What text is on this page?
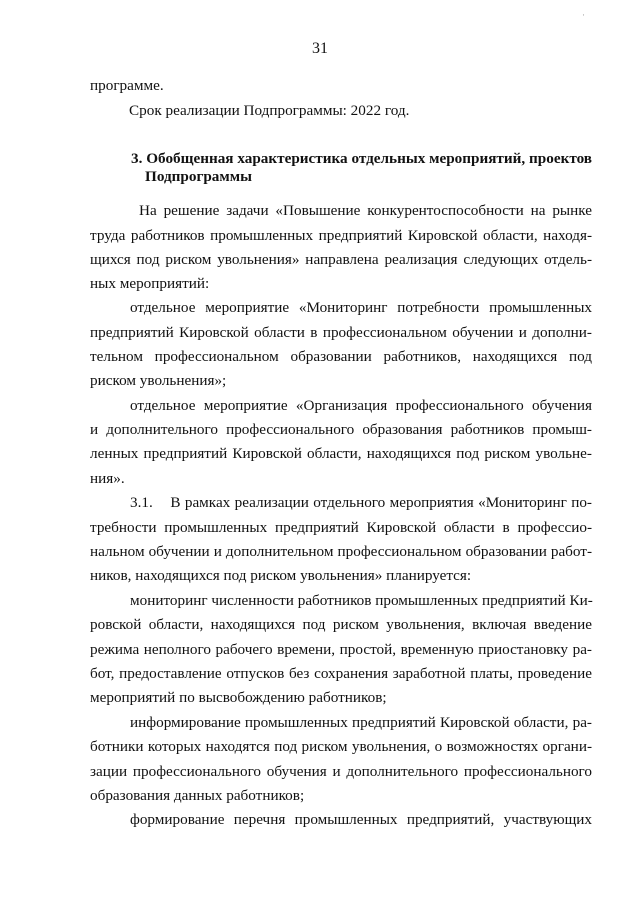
·
31
программе.
Срок реализации Подпрограммы: 2022 год.
3. Обобщенная характеристика отдельных мероприятий, проектов
Подпрограммы
На решение задачи «Повышение конкурентоспособности на рынке
труда работников промышленных предприятий Кировской области, находя-
щихся под риском увольнения» направлена реализация следующих отдель-
ных мероприятий:
отдельное мероприятие «Мониторинг потребности промышленных
предприятий Кировской области в профессиональном обучении и дополни-
тельном профессиональном образовании работников, находящихся под
риском увольнения»;
отдельное мероприятие «Организация профессионального обучения
и дополнительного профессионального образования работников промыш-
ленных предприятий Кировской области, находящихся под риском увольне-
ния».
3.1.    В рамках реализации отдельного мероприятия «Мониторинг по-
требности промышленных предприятий Кировской области в профессио-
нальном обучении и дополнительном профессиональном образовании работ-
ников, находящихся под риском увольнения» планируется:
мониторинг численности работников промышленных предприятий Ки-
ровской области, находящихся под риском увольнения, включая введение
режима неполного рабочего времени, простой, временную приостановку ра-
бот, предоставление отпусков без сохранения заработной платы, проведение
мероприятий по высвобождению работников;
информирование промышленных предприятий Кировской области, ра-
ботники которых находятся под риском увольнения, о возможностях органи-
зации профессионального обучения и дополнительного профессионального
образования данных работников;
формирование перечня промышленных предприятий, участвующих
